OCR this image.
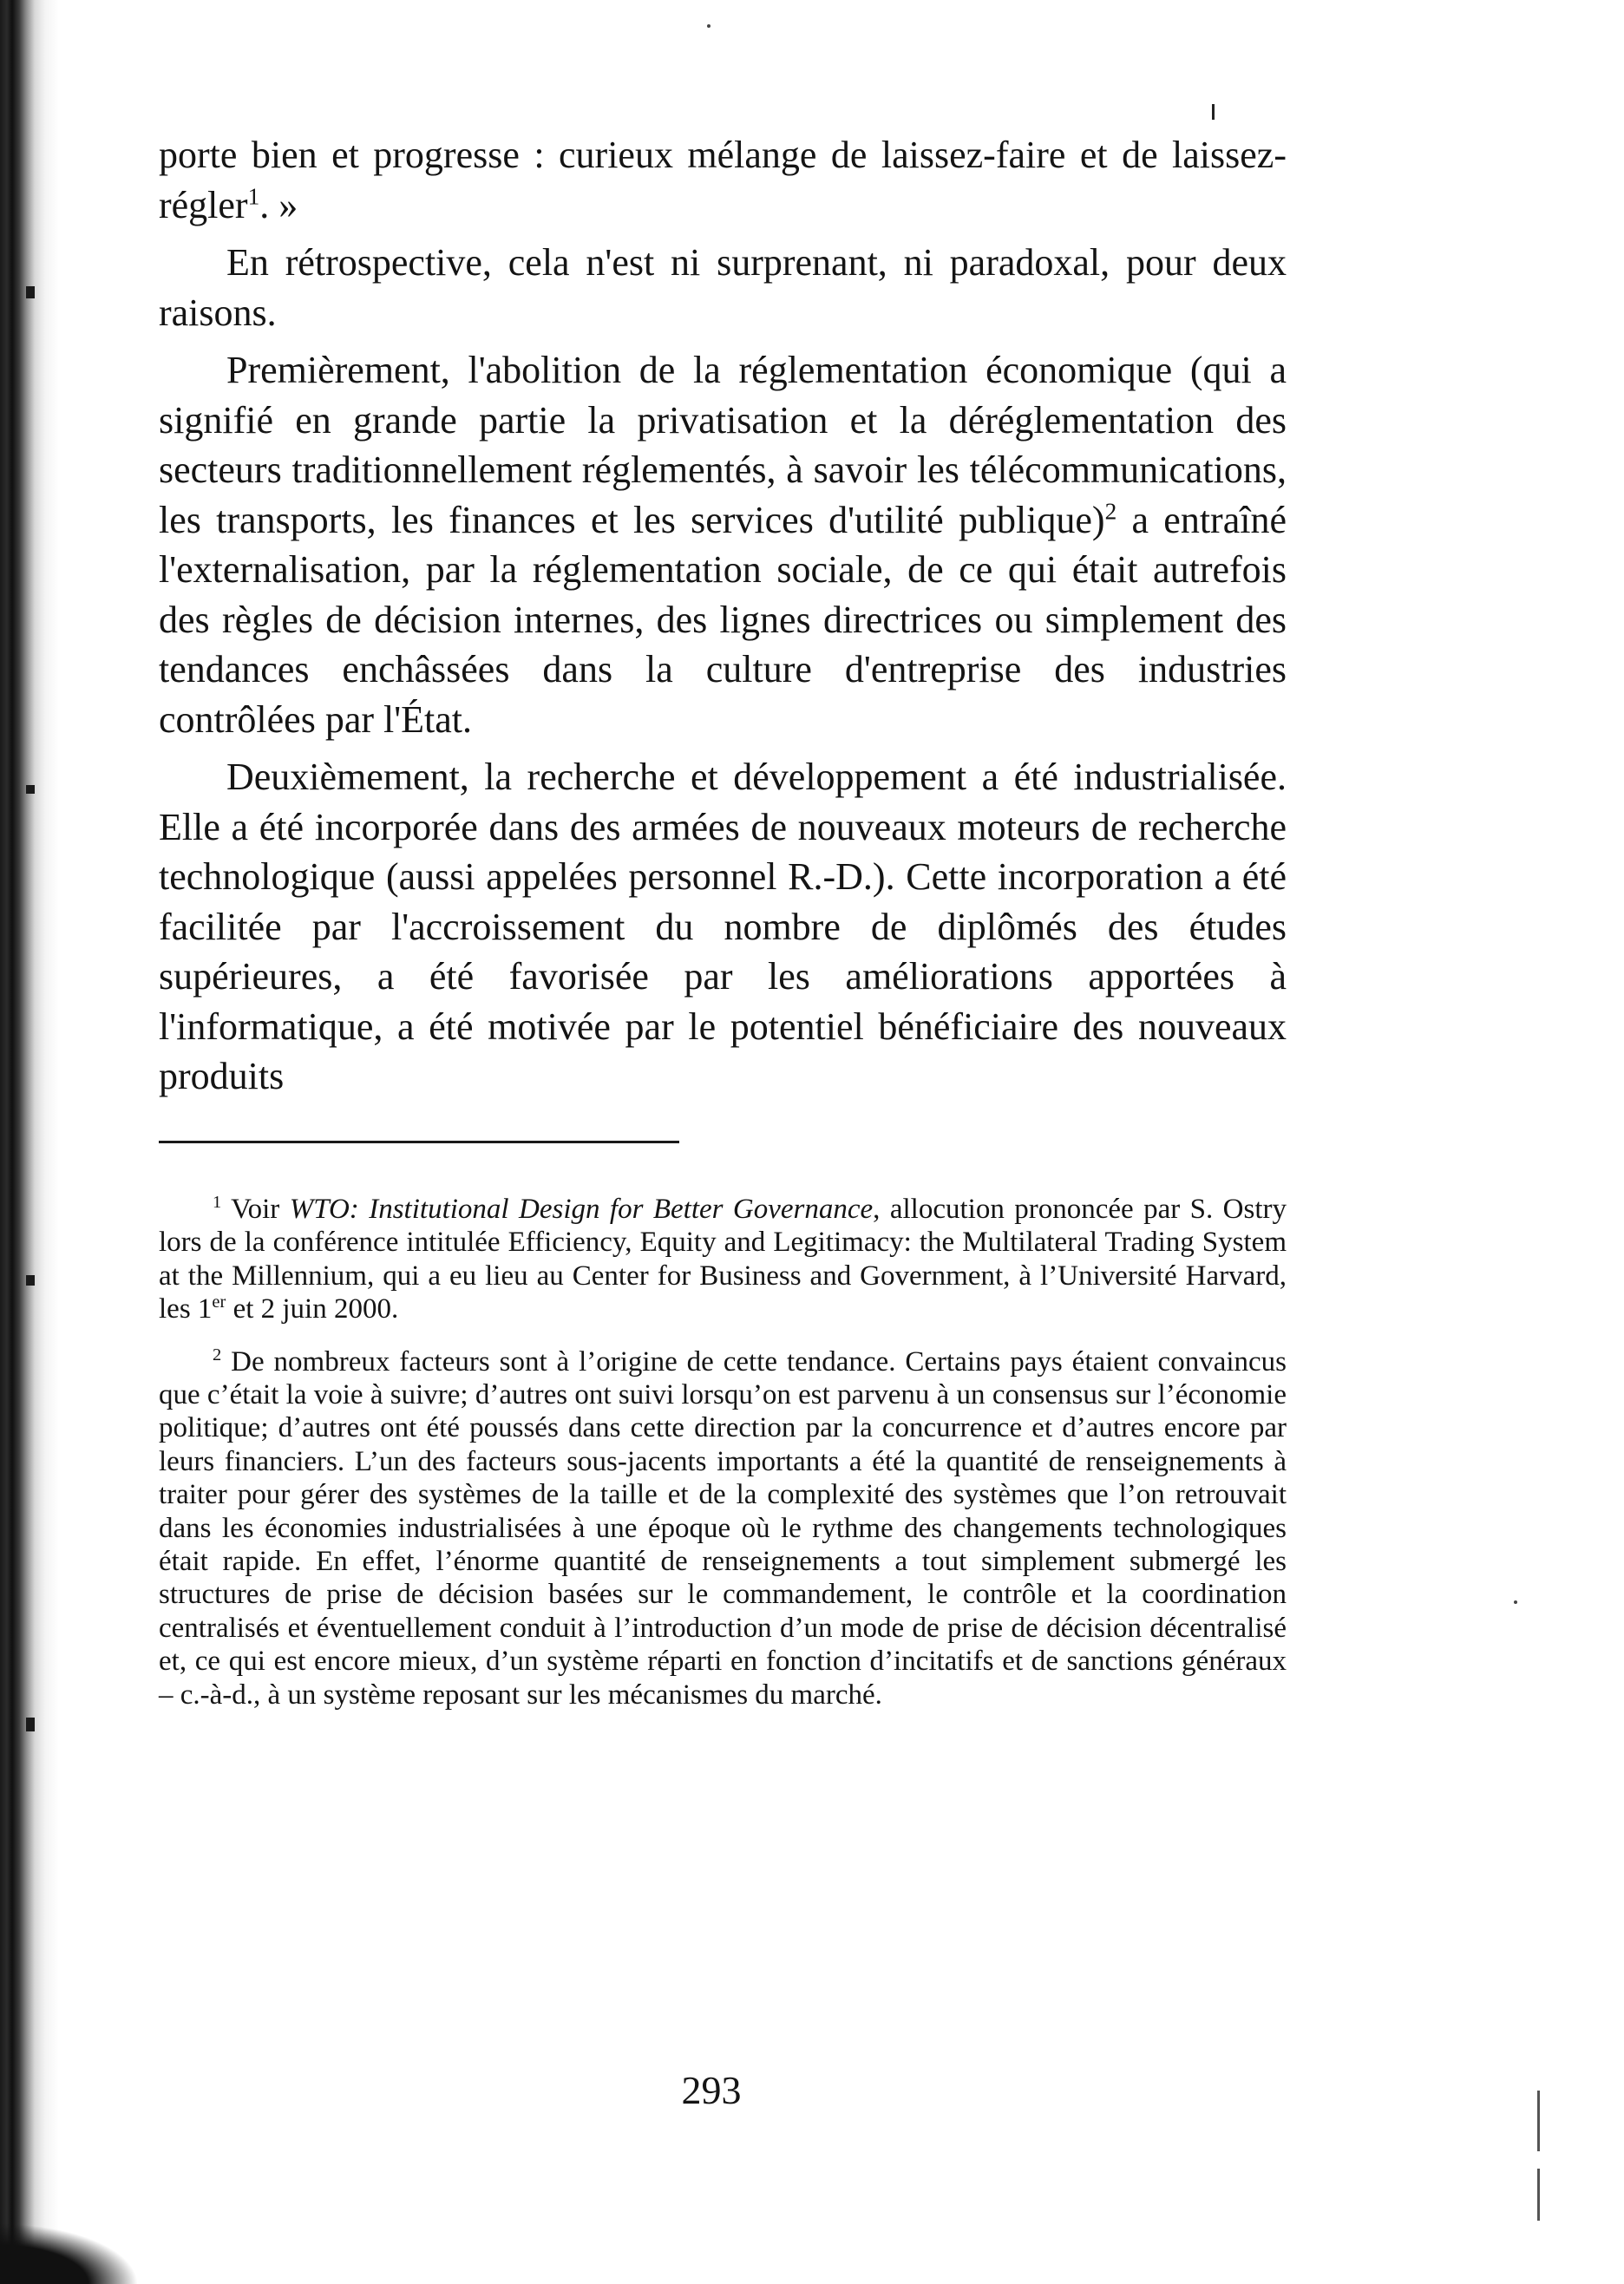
porte bien et progresse : curieux mélange de laissez-faire et de laissez-régler$^1$. »

En rétrospective, cela n'est ni surprenant, ni paradoxal, pour deux raisons.

Premièrement, l'abolition de la réglementation économique (qui a signifié en grande partie la privatisation et la déréglementation des secteurs traditionnellement réglementés, à savoir les télécommunications, les transports, les finances et les services d'utilité publique)$^2$ a entraîné l'externalisation, par la réglementation sociale, de ce qui était autrefois des règles de décision internes, des lignes directrices ou simplement des tendances enchâssées dans la culture d'entreprise des industries contrôlées par l'État.

Deuxièmement, la recherche et développement a été industrialisée. Elle a été incorporée dans des armées de nouveaux moteurs de recherche technologique (aussi appelées personnel R.-D.). Cette incorporation a été facilitée par l'accroissement du nombre de diplômés des études supérieures, a été favorisée par les améliorations apportées à l'informatique, a été motivée par le potentiel bénéficiaire des nouveaux produits

$^1$ Voir WTO: Institutional Design for Better Governance, allocution prononcée par S. Ostry lors de la conférence intitulée Efficiency, Equity and Legitimacy: the Multilateral Trading System at the Millennium, qui a eu lieu au Center for Business and Government, à l’Université Harvard, les 1er et 2 juin 2000.

$^2$ De nombreux facteurs sont à l’origine de cette tendance. Certains pays étaient convaincus que c’était la voie à suivre; d’autres ont suivi lorsqu’on est parvenu à un consensus sur l’économie politique; d’autres ont été poussés dans cette direction par la concurrence et d’autres encore par leurs financiers. L’un des facteurs sous-jacents importants a été la quantité de renseignements à traiter pour gérer des systèmes de la taille et de la complexité des systèmes que l’on retrouvait dans les économies industrialisées à une époque où le rythme des changements technologiques était rapide. En effet, l’énorme quantité de renseignements a tout simplement submergé les structures de prise de décision basées sur le commandement, le contrôle et la coordination centralisés et éventuellement conduit à l’introduction d’un mode de prise de décision décentralisé et, ce qui est encore mieux, d’un système réparti en fonction d’incitatifs et de sanctions généraux – c.-à-d., à un système reposant sur les mécanismes du marché.

293
